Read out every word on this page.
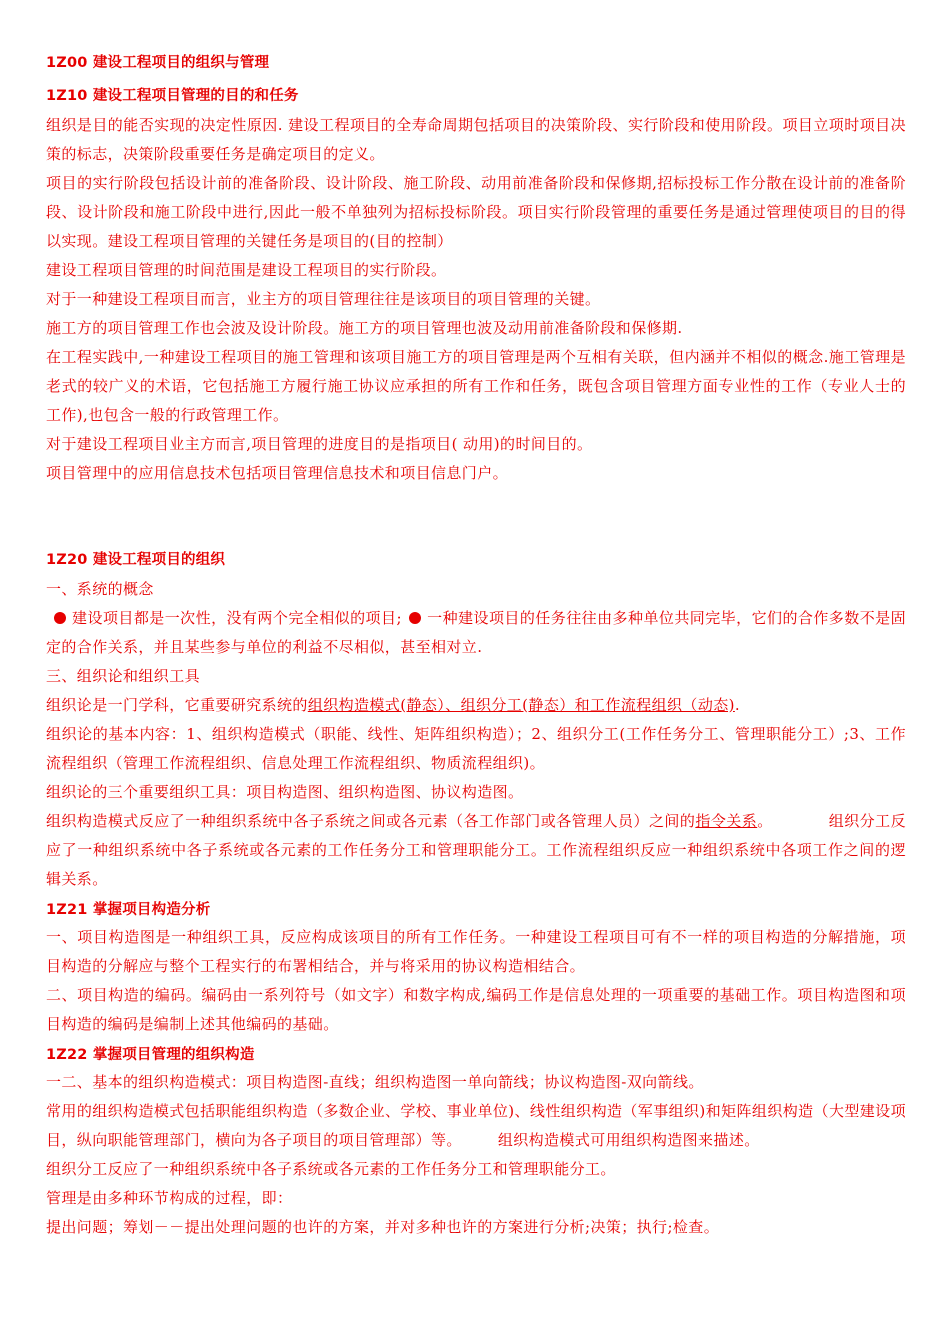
1Z00 建设工程项目的组织与管理

1Z10 建设工程项目管理的目的和任务

组织是目的能否实现的决定性原因. 建设工程项目的全寿命周期包括项目的决策阶段、实行阶段和使用阶段。项目立项时项目决策的标志，决策阶段重要任务是确定项目的定义。

项目的实行阶段包括设计前的准备阶段、设计阶段、施工阶段、动用前准备阶段和保修期,招标投标工作分散在设计前的准备阶段、设计阶段和施工阶段中进行,因此一般不单独列为招标投标阶段。项目实行阶段管理的重要任务是通过管理使项目的目的得以实现。建设工程项目管理的关键任务是项目的(目的控制）

建设工程项目管理的时间范围是建设工程项目的实行阶段。

对于一种建设工程项目而言，业主方的项目管理往往是该项目的项目管理的关键。

施工方的项目管理工作也会波及设计阶段。施工方的项目管理也波及动用前准备阶段和保修期.

在工程实践中,一种建设工程项目的施工管理和该项目施工方的项目管理是两个互相有关联，但内涵并不相似的概念.施工管理是老式的较广义的术语，它包括施工方履行施工协议应承担的所有工作和任务，既包含项目管理方面专业性的工作（专业人士的工作),也包含一般的行政管理工作。

对于建设工程项目业主方而言,项目管理的进度目的是指项目( 动用)的时间目的。

项目管理中的应用信息技术包括项目管理信息技术和项目信息门户。

1Z20 建设工程项目的组织

一、系统的概念

建设项目都是一次性，没有两个完全相似的项目; 一种建设项目的任务往往由多种单位共同完毕，它们的合作多数不是固定的合作关系，并且某些参与单位的利益不尽相似，甚至相对立.

三、组织论和组织工具

组织论是一门学科，它重要研究系统的组织构造模式(静态）、组织分工(静态）和工作流程组织（动态).

组织论的基本内容：1、组织构造模式（职能、线性、矩阵组织构造）；2、组织分工(工作任务分工、管理职能分工）;3、工作流程组织（管理工作流程组织、信息处理工作流程组织、物质流程组织)。

组织论的三个重要组织工具：项目构造图、组织构造图、协议构造图。

组织构造模式反应了一种组织系统中各子系统之间或各元素（各工作部门或各管理人员）之间的指令关系。	组织分工反应了一种组织系统中各子系统或各元素的工作任务分工和管理职能分工。工作流程组织反应一种组织系统中各项工作之间的逻辑关系。

1Z21 掌握项目构造分析

一、项目构造图是一种组织工具，反应构成该项目的所有工作任务。一种建设工程项目可有不一样的项目构造的分解措施，项目构造的分解应与整个工程实行的布署相结合，并与将采用的协议构造相结合。

二、项目构造的编码。编码由一系列符号（如文字）和数字构成,编码工作是信息处理的一项重要的基础工作。项目构造图和项目构造的编码是编制上述其他编码的基础。

1Z22 掌握项目管理的组织构造

一二、基本的组织构造模式：项目构造图-直线；组织构造图一单向箭线；协议构造图-双向箭线。

常用的组织构造模式包括职能组织构造（多数企业、学校、事业单位)、线性组织构造（军事组织)和矩阵组织构造（大型建设项目，纵向职能管理部门，横向为各子项目的项目管理部）等。 组织构造模式可用组织构造图来描述。

组织分工反应了一种组织系统中各子系统或各元素的工作任务分工和管理职能分工。

管理是由多种环节构成的过程，即：

提出问题；筹划－－提出处理问题的也许的方案，并对多种也许的方案进行分析;决策；执行;检查。
